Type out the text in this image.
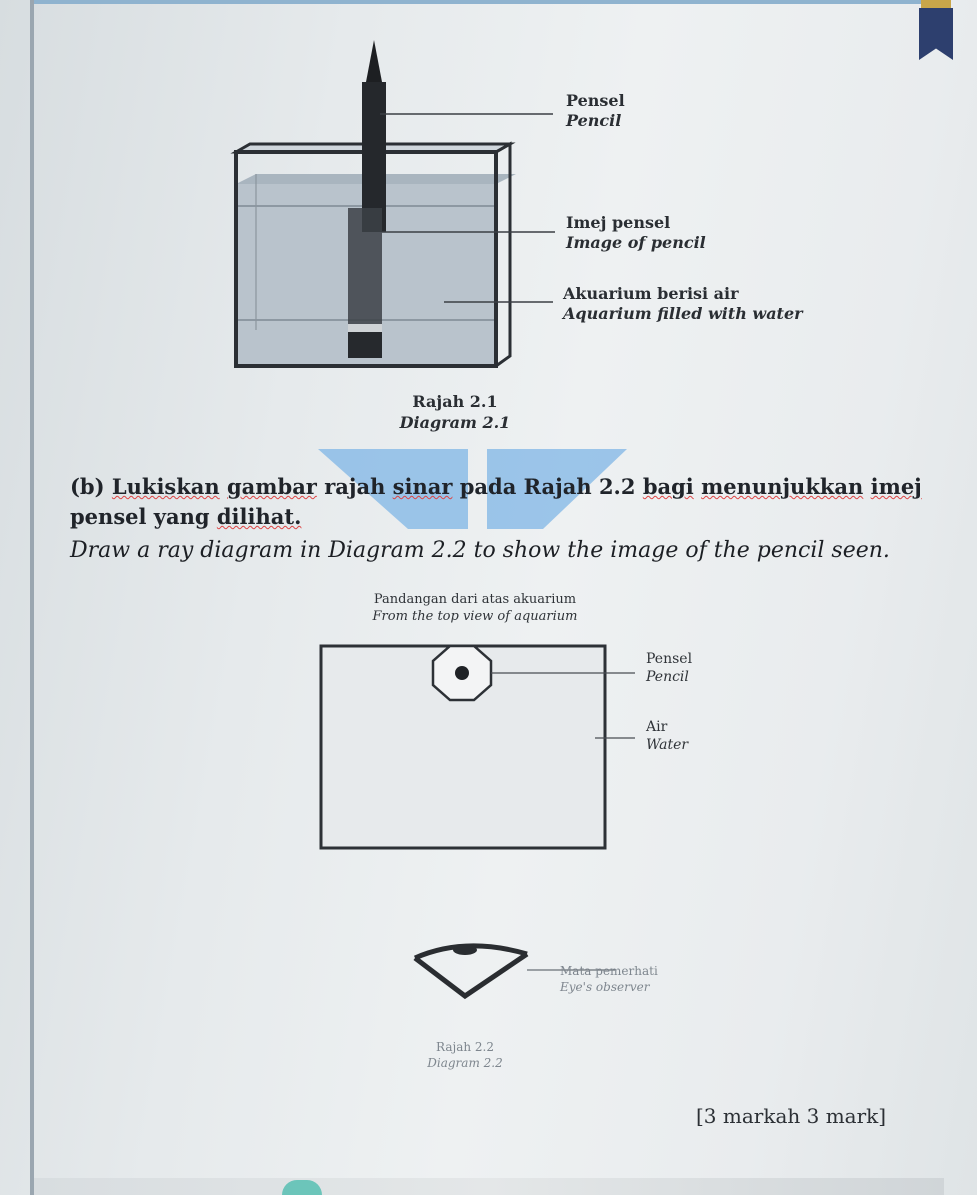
Pensel
Pencil
Imej pensel
Image of pencil
Akuarium berisi air
Aquarium filled with water
Rajah 2.1
Diagram 2.1
(b) Lukiskan gambar rajah sinar pada Rajah 2.2 bagi menunjukkan imej pensel yang dilihat.
Draw a ray diagram in Diagram 2.2 to show the image of the pencil seen.
Pandangan dari atas akuarium
From the top view of aquarium
Pensel
Pencil
Air
Water
Mata pemerhati
Eye's observer
Rajah 2.2
Diagram 2.2
[3 markah 3 mark]
